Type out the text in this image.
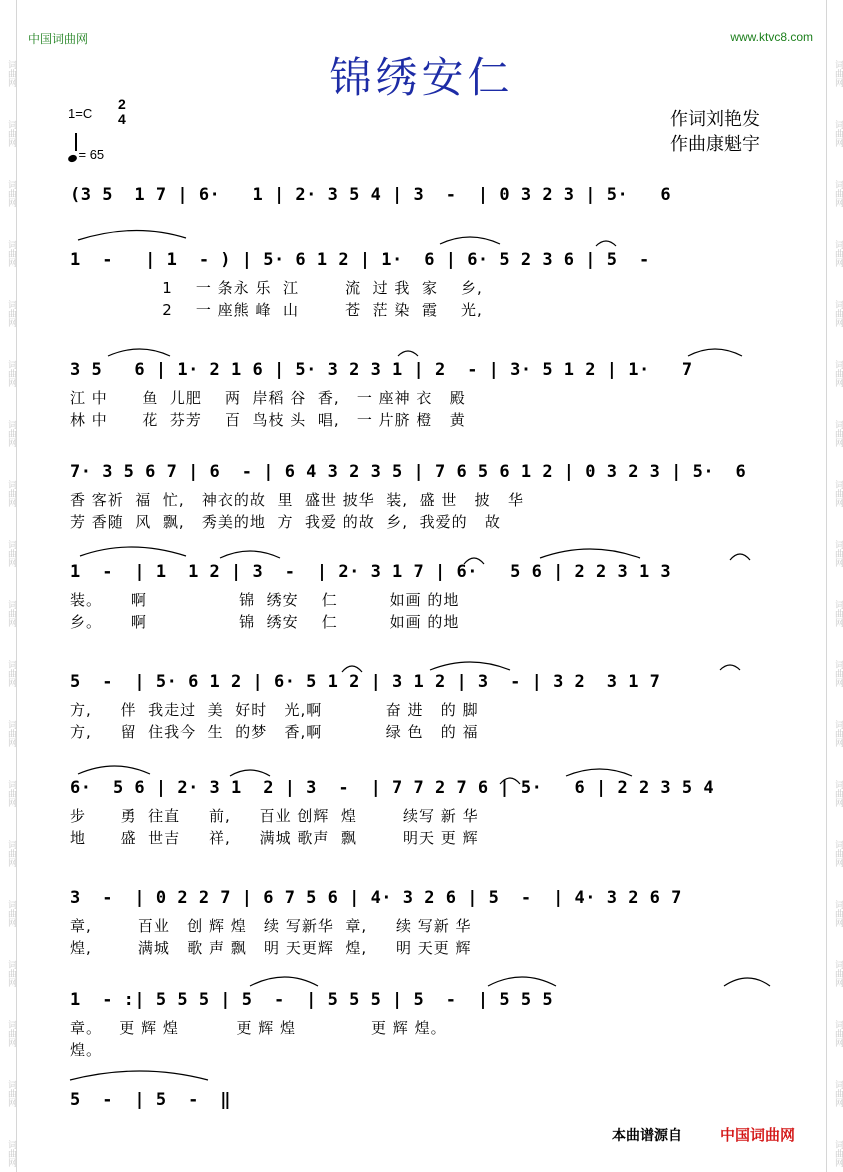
词曲网
词曲网
词曲网
词曲网
词曲网
词曲网
词曲网
词曲网
词曲网
词曲网
词曲网
词曲网
词曲网
词曲网
词曲网
词曲网
词曲网
词曲网
词曲网
词曲网
词曲网
词曲网
词曲网
词曲网
词曲网
词曲网
词曲网
词曲网
词曲网
词曲网
词曲网
词曲网
词曲网
词曲网
词曲网
词曲网
词曲网
词曲网
中国词曲网	www.ktvc8.com
锦绣安仁
1=C
2
4
= 65
作词刘艳发
作曲康魁宇
(3 5  1 7 | 6·   1 | 2· 3 5 4 | 3  -  | 0 3 2 3 | 5·   6
1  -   | 1  - ) | 5· 6 1 2 | 1·  6 | 6· 5 2 3 6 | 5  -
1    一 条永 乐  江        流  过 我  家    乡,
2    一 座熊 峰  山        苍  茫 染  霞    光,
3 5   6 | 1· 2 1 6 | 5· 3 2 3 1 | 2  - | 3· 5 1 2 | 1·   7
江 中      鱼  儿肥    两  岸稻 谷  香,   一 座神 衣   殿
林 中      花  芬芳    百  鸟枝 头  唱,   一 片脐 橙   黄
7· 3 5 6 7 | 6  - | 6 4 3 2 3 5 | 7 6 5 6 1 2 | 0 3 2 3 | 5·  6
香 客祈  福  忙,   神衣的故  里  盛世 披华  装,  盛 世   披   华
芳 香随  风  飘,   秀美的地  方  我爱 的故  乡,  我爱的   故
1  -  | 1  1 2 | 3  -  | 2· 3 1 7 | 6·   5 6 | 2 2 3 1 3
装。     啊                锦  绣安    仁         如画 的地
乡。     啊                锦  绣安    仁         如画 的地
5  -  | 5· 6 1 2 | 6· 5 1 2 | 3 1 2 | 3  - | 3 2  3 1 7
方,     伴  我走过  美  好时   光,啊           奋 进   的 脚
方,     留  住我今  生  的梦   香,啊           绿 色   的 福
6·  5 6 | 2· 3 1  2 | 3  -  | 7 7 2 7 6 | 5·   6 | 2 2 3 5 4
步      勇  往直     前,     百业 创辉  煌        续写 新 华
地      盛  世吉     祥,     满城 歌声  飘        明天 更 辉
3  -  | 0 2 2 7 | 6 7 5 6 | 4· 3 2 6 | 5  -  | 4· 3 2 6 7
章,        百业   创 辉 煌   续 写新华  章,     续 写新 华
煌,        满城   歌 声 飘   明 天更辉  煌,     明 天更 辉
1  - :| 5 5 5 | 5  -  | 5 5 5 | 5  -  | 5 5 5
章。   更 辉 煌          更 辉 煌             更 辉 煌。
煌。
5  -  | 5  -  ‖
本曲谱源自	中国词曲网
